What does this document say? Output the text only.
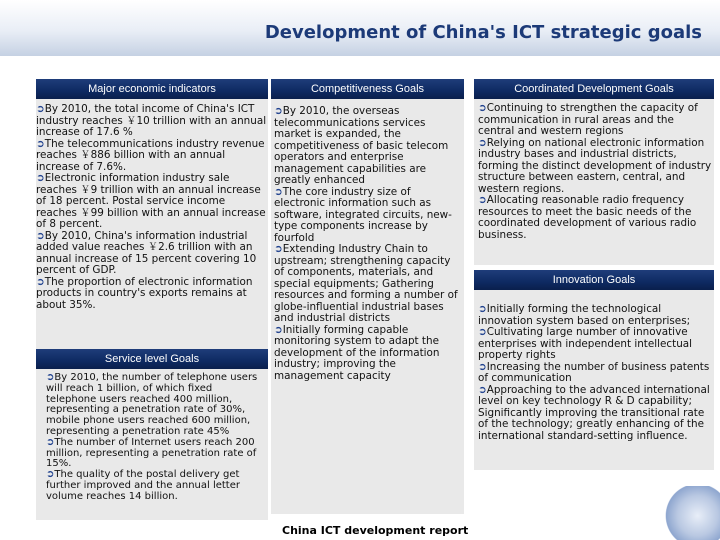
Development of China's ICT strategic goals
Major economic indicators
➲By 2010, the total income of China's ICT industry reaches ￥10 trillion with an annual increase of 17.6 %
➲The telecommunications industry revenue reaches ￥886 billion with an annual increase of 7.6%.
➲Electronic information industry sale reaches ￥9 trillion with an annual increase of 18 percent. Postal service income reaches ￥99 billion with an annual increase of 8 percent.
➲By 2010, China's information industrial added value reaches ￥2.6 trillion with an annual increase of 15 percent covering 10 percent of GDP.
➲The proportion of electronic information products in country's exports remains at about 35%.
Service level Goals
➲By 2010, the number of telephone users will reach 1 billion, of which fixed telephone users reached 400 million, representing a penetration rate of 30%, mobile phone users reached 600 million, representing a penetration rate 45%
➲The number of Internet users reach 200 million, representing a penetration rate of 15%.
➲The quality of the postal delivery get further improved and the annual letter volume reaches 14 billion.
Competitiveness Goals
➲By 2010, the overseas telecommunications services market is expanded, the competitiveness of basic telecom operators and enterprise management capabilities are greatly enhanced
➲The core industry size of electronic information such as software, integrated circuits, new-type components increase by fourfold
➲Extending Industry Chain to upstream; strengthening capacity of components, materials, and special equipments; Gathering resources and forming a number of globe-influential industrial bases and industrial districts
➲Initially forming capable monitoring system to adapt the development of the information industry; improving the management capacity
Coordinated Development Goals
➲Continuing to strengthen the capacity of communication in rural areas and the central and western regions
➲Relying on national electronic information industry bases and industrial districts, forming the distinct development of industry structure between eastern, central, and western regions.
➲Allocating reasonable radio frequency resources to meet the basic needs of the coordinated development of various radio business.
Innovation Goals
➲Initially forming the technological innovation system based on enterprises;
➲Cultivating large number of innovative enterprises with independent intellectual property rights
➲Increasing the number of business patents of communication
➲Approaching to the advanced international level on key technology R & D capability; Significantly improving the transitional rate of the technology; greatly enhancing of the international standard-setting influence.
China ICT development report
